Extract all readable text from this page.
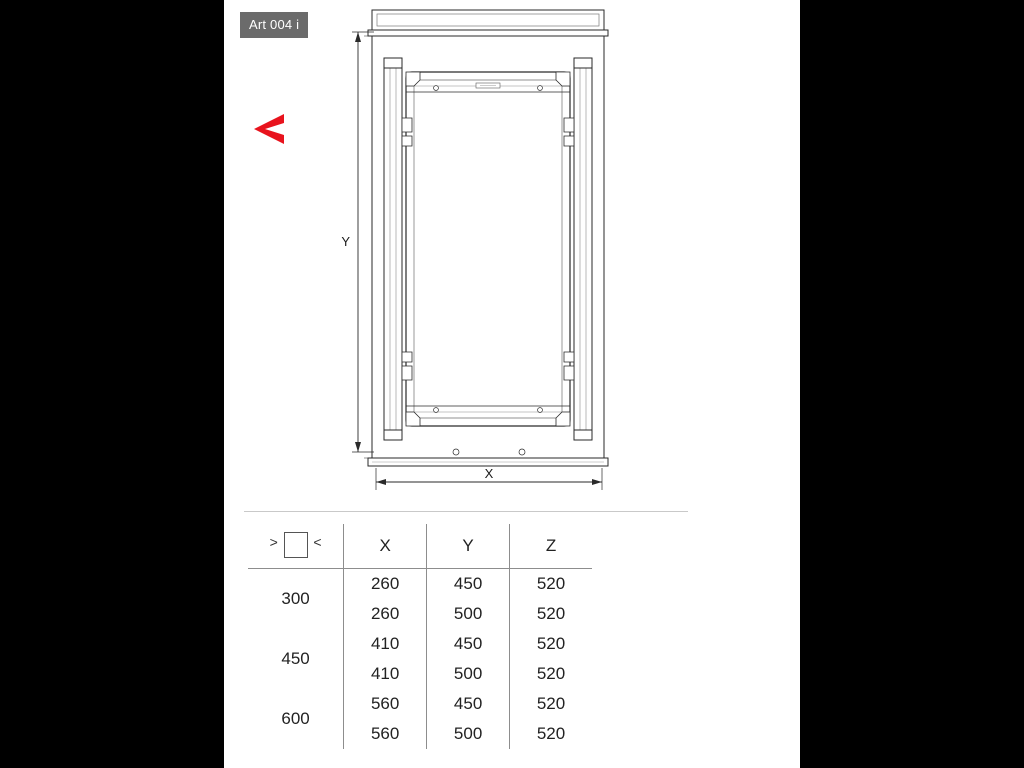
Art 004 i
Y
X
> <	X	Y	Z
300	260	450	520
	260	500	520
450	410	450	520
	410	500	520
600	560	450	520
	560	500	520
